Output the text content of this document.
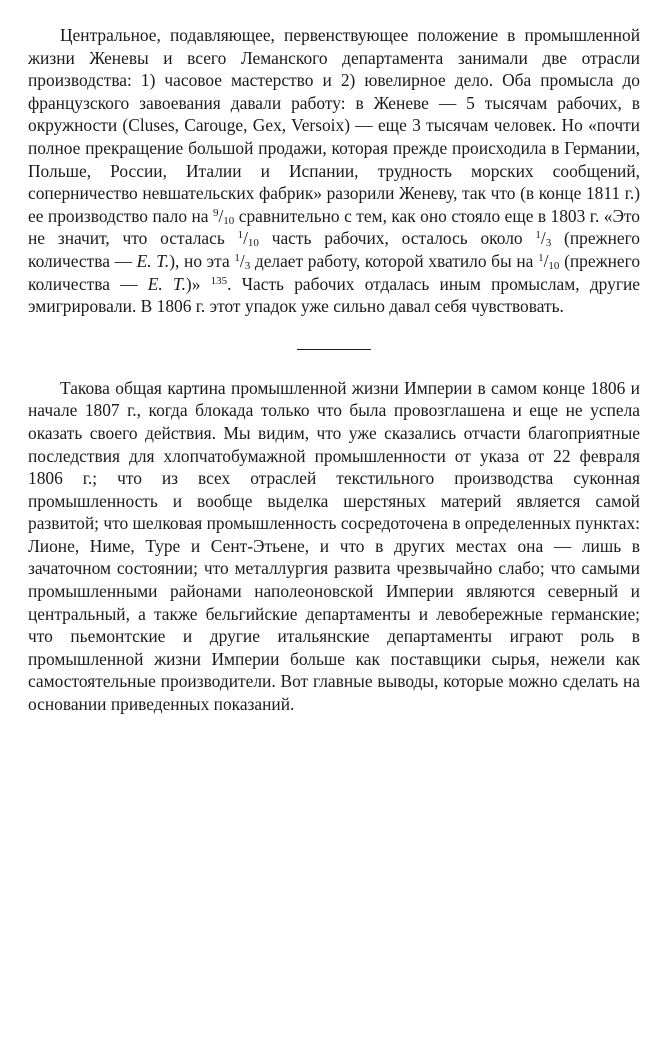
Центральное, подавляющее, первенствующее положение в промышленной жизни Женевы и всего Леманского департамента занимали две отрасли производства: 1) часовое мастерство и 2) ювелирное дело. Оба промысла до французского завоевания давали работу: в Женеве — 5 тысячам рабочих, в окружности (Cluses, Carouge, Gex, Versoix) — еще 3 тысячам человек. Но «почти полное прекращение большой продажи, которая прежде происходила в Германии, Польше, России, Италии и Испании, трудность морских сообщений, соперничество невшательских фабрик» разорили Женеву, так что (в конце 1811 г.) ее производство пало на $^9/_{10}$ сравнительно с тем, как оно стояло еще в 1803 г. «Это не значит, что осталась $^1/_{10}$ часть рабочих, осталось около $^1/_3$ (прежнего количества — Е. Т.), но эта $^1/_3$ делает работу, которой хватило бы на $^1/_{10}$ (прежнего количества — Е. Т.)» $^{135}$. Часть рабочих отдалась иным промыслам, другие эмигрировали. В 1806 г. этот упадок уже сильно давал себя чувствовать.

Такова общая картина промышленной жизни Империи в самом конце 1806 и начале 1807 г., когда блокада только что была провозглашена и еще не успела оказать своего действия. Мы видим, что уже сказались отчасти благоприятные последствия для хлопчатобумажной промышленности от указа от 22 февраля 1806 г.; что из всех отраслей текстильного производства суконная промышленность и вообще выделка шерстяных материй является самой развитой; что шелковая промышленность сосредоточена в определенных пунктах: Лионе, Ниме, Туре и Сент-Этьене, и что в других местах она — лишь в зачаточном состоянии; что металлургия развита чрезвычайно слабо; что самыми промышленными районами наполеоновской Империи являются северный и центральный, а также бельгийские департаменты и левобережные германские; что пьемонтские и другие итальянские департаменты играют роль в промышленной жизни Империи больше как поставщики сырья, нежели как самостоятельные производители. Вот главные выводы, которые можно сделать на основании приведенных показаний.
